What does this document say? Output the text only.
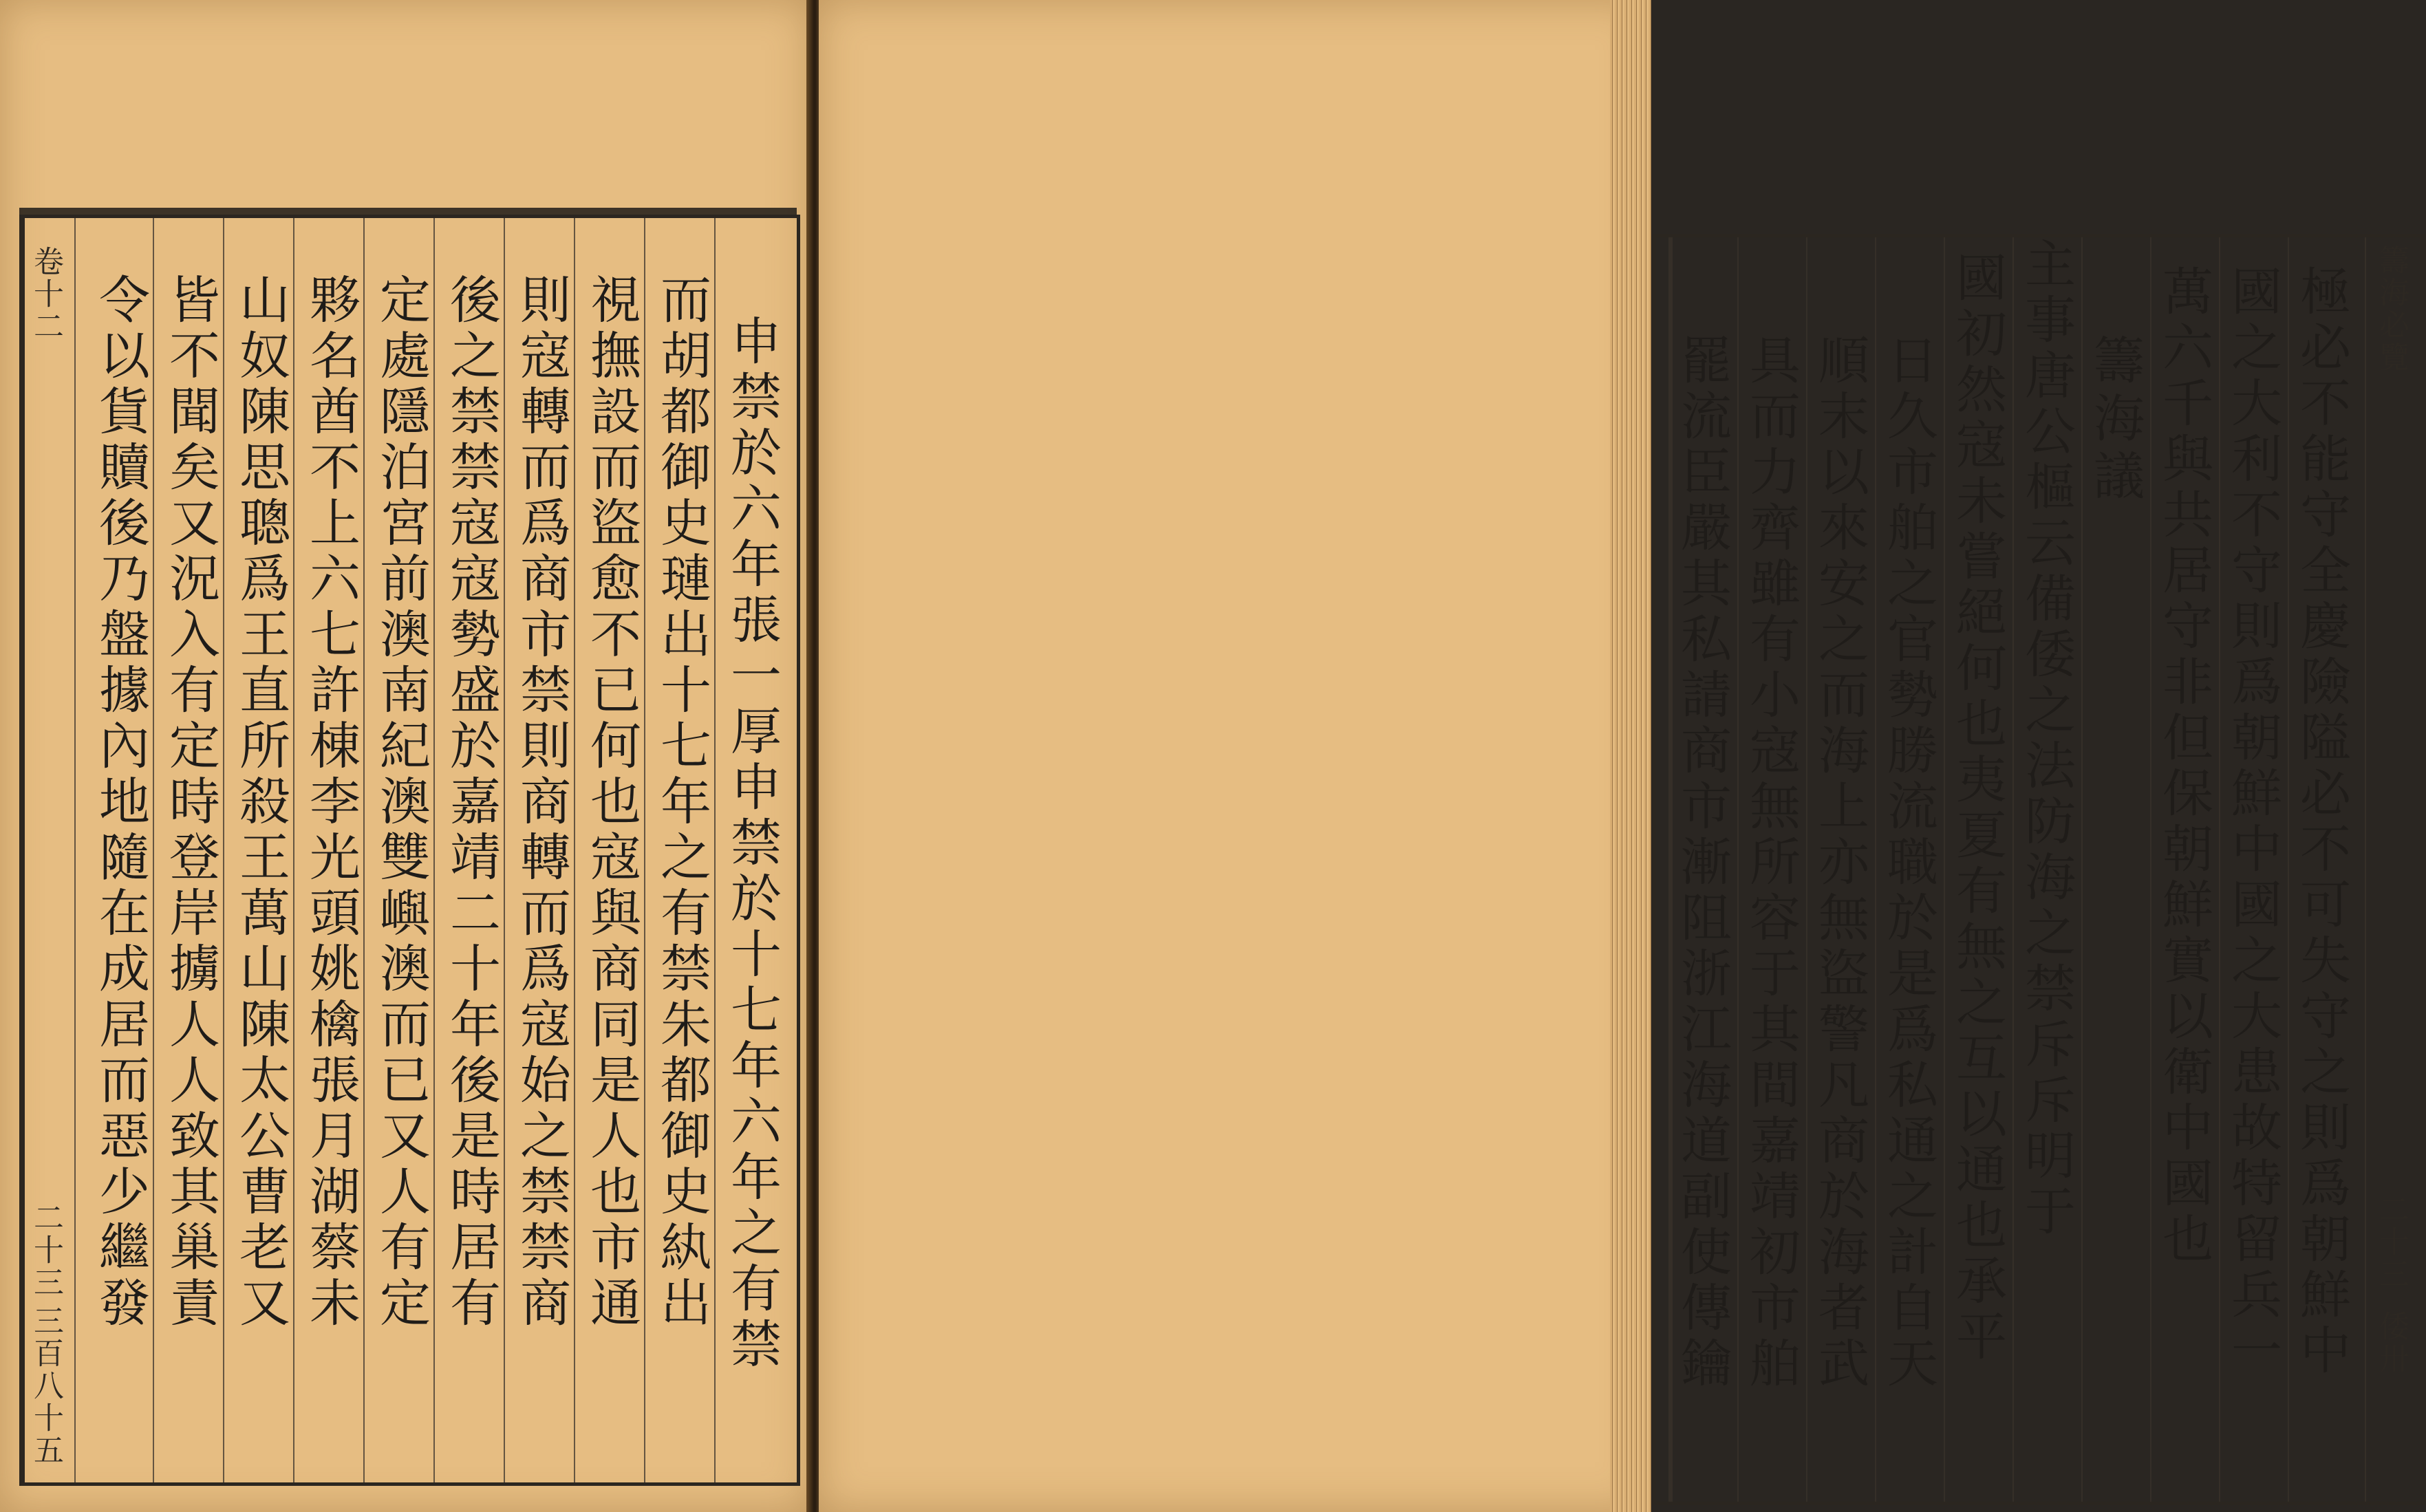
卷十二
二十三
三百八十五
申禁於六年張一厚申禁於十七年六年之有禁
而胡都御史璉出十七年之有禁朱都御史紈出
視撫設而盜愈不已何也寇與商同是人也市通
則寇轉而爲商市禁則商轉而爲寇始之禁禁商
後之禁禁寇寇勢盛於嘉靖二十年後是時居有
定處隱泊宮前澳南紀澳雙嶼澳而已又人有定
夥名酋不上六七許棟李光頭姚檎張月湖蔡未
山奴陳思聰爲王直所殺王萬山陳太公曹老又
皆不聞矣又況入有定時登岸擄人人致其巢責
令以貨贖後乃盤據內地隨在成居而惡少繼發	籌海必覽
二十三
倭卅
極必不能守全慶險隘必不可失守之則爲朝鮮中
國之大利不守則爲朝鮮中國之大患故特留兵一
萬六千與共居守非但保朝鮮實以衛中國也
籌海議
主事唐公樞云備倭之法防海之禁斥斥明于
國初然寇未嘗絕何也夷夏有無之互以通也承平
日久市舶之官勢勝流職於是爲私通之計自天
順末以來安之而海上亦無盜警凡商於海者武
具而力齊雖有小寇無所容于其間嘉靖初市舶
罷流臣嚴其私請商市漸阻浙江海道副使傳鑰
